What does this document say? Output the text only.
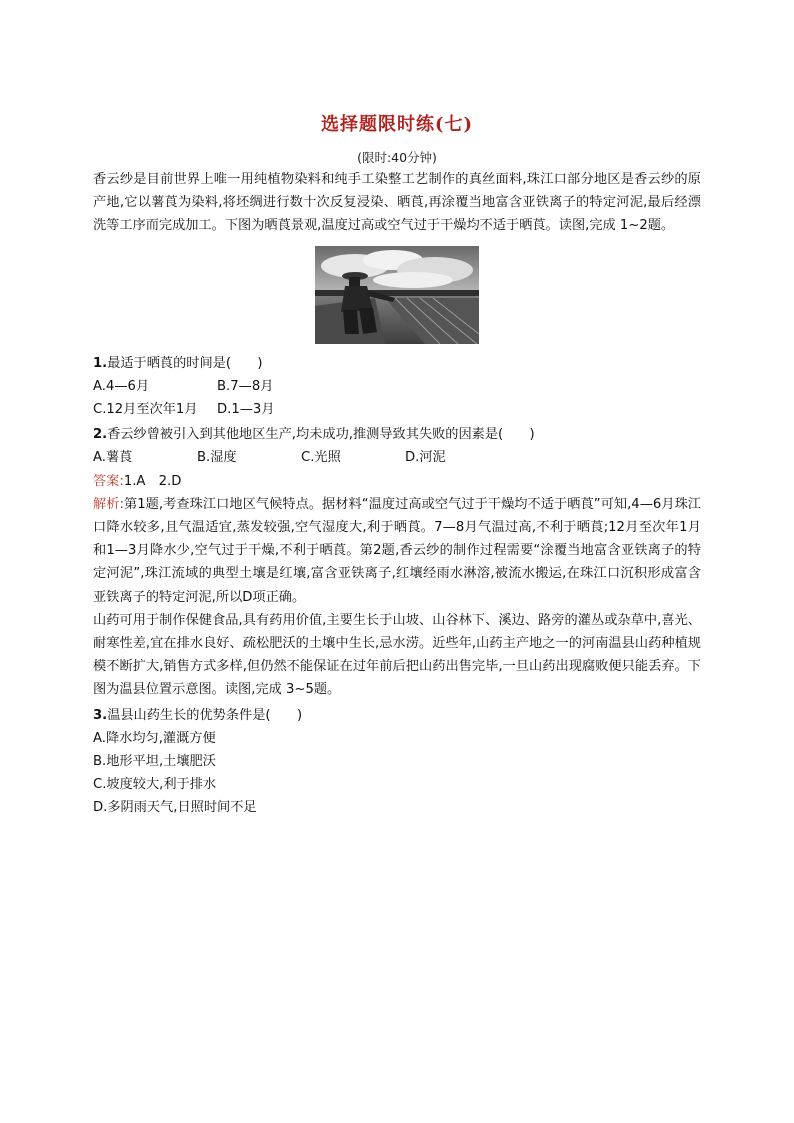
选择题限时练(七)
(限时:40分钟)

香云纱是目前世界上唯一用纯植物染料和纯手工染整工艺制作的真丝面料,珠江口部分地区是香云纱的原产地,它以薯莨为染料,将坯绸进行数十次反复浸染、晒莨,再涂覆当地富含亚铁离子的特定河泥,最后经漂洗等工序而完成加工。下图为晒莨景观,温度过高或空气过于干燥均不适于晒莨。读图,完成 1~2题。

1.最适于晒莨的时间是(　　)

A.4—6月	B.7—8月
C.12月至次年1月	D.1—3月

2.香云纱曾被引入到其他地区生产,均未成功,推测导致其失败的因素是(　　)

A.薯莨	B.湿度	C.光照	D.河泥

答案:1.A　2.D

解析:第1题,考查珠江口地区气候特点。据材料“温度过高或空气过于干燥均不适于晒莨”可知,4—6月珠江口降水较多,且气温适宜,蒸发较强,空气湿度大,利于晒莨。7—8月气温过高,不利于晒莨;12月至次年1月和1—3月降水少,空气过于干燥,不利于晒莨。第2题,香云纱的制作过程需要“涂覆当地富含亚铁离子的特定河泥”,珠江流域的典型土壤是红壤,富含亚铁离子,红壤经雨水淋溶,被流水搬运,在珠江口沉积形成富含亚铁离子的特定河泥,所以D项正确。

山药可用于制作保健食品,具有药用价值,主要生长于山坡、山谷林下、溪边、路旁的灌丛或杂草中,喜光、耐寒性差,宜在排水良好、疏松肥沃的土壤中生长,忌水涝。近些年,山药主产地之一的河南温县山药种植规模不断扩大,销售方式多样,但仍然不能保证在过年前后把山药出售完毕,一旦山药出现腐败便只能丢弃。下图为温县位置示意图。读图,完成 3~5题。

3.温县山药生长的优势条件是(　　)

A.降水均匀,灌溉方便

B.地形平坦,土壤肥沃

C.坡度较大,利于排水

D.多阴雨天气,日照时间不足
